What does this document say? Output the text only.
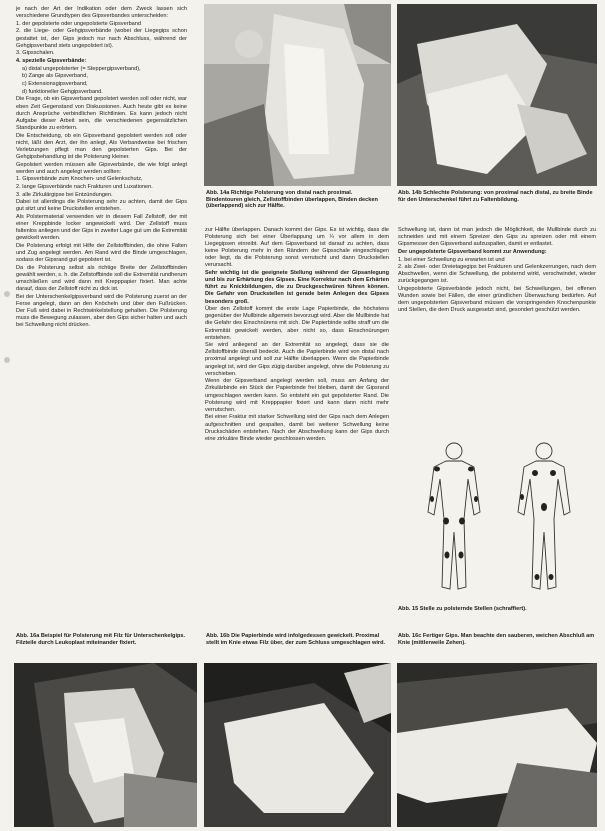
je nach der Art der Indikation oder dem Zweck lassen sich verschiedene Grundtypen des Gipsverbandes unterscheiden:

1. der gepolsterte oder ungepolsterte Gipsverband

2. die Liege- oder Gehgipsverbände (wobei der Liegegips schon gestattet ist, der Gips jedoch nur nach Abschluss, während der Gehgipsverband stets ungepolstert ist).

3. Gipsschalen.

4. spezielle Gipsverbände:

a) distal ungepolsterter (= Steppergipsverband),

b) Zange als Gipsverband,

c) Extensionsgipsverband,

d) funktioneller Gehgipsverband.

Die Frage, ob ein Gipsverband gepolstert werden soll oder nicht, war eben Zeit Gegenstand von Diskussionen. Auch heute gibt es keine durch Ansprüche verbindlichen Richtlinien. Es kann jedoch nicht Aufgabe dieser Arbeit sein, die verschiedenen gegensätzlichen Standpunkte zu erörtern.

Die Entscheidung, ob ein Gipsverband gepolstert werden soll oder nicht, läßt den Arzt, der ihn anlegt, Als Verbandweise bei frischen Verletzungen pflegt man den gepolsterten Gips. Bei der Gehgipsbehandlung ist die Polsterung kleiner.

Gepolstert werden müssen alle Gipsverbände, die wie folgt anlegt werden und auch angelegt werden sollten:

1. Gipsverbände zum Knochen- und Gelenkschutz,

2. lange Gipsverbände nach Frakturen und Luxationen.

3. alle Zirkulärgipse bei Entzündungen.

Dabei ist allerdings die Polsterung sehr zu achten, damit der Gips gut sitzt und keine Druckstellen entstehen.

Als Polstermaterial verwenden wir in diesem Fall Zellstoff, der mit einer Kreppbinde locker angewickelt wird. Der Zellstoff muss faltenlos anliegen und der Gips in zweiter Lage gut um die Extremität gewickelt werden.

Die Polsterung erfolgt mit Hilfe der Zellstoffbinden, die ohne Falten und Zug angelegt werden. Am Rand wird die Binde umgeschlagen, sodass der Gipsrand gut gepolstert ist.

Da die Polsterung selbst als richtige Breite der Zellstoffbinden gewählt werden, s. h. die Zellstoffbinde soll die Extremität rundherum umschließen und wird dann mit Krepppapier fixiert. Man achte darauf, dass der Zellstoff nicht zu dick ist.

Bei der Unterschenkelgipsverband wird die Polsterung zuerst an der Ferse angelegt, dann an den Knöcheln und über den Fußrücken. Der Fuß wird dabei in Rechtwinkelstellung gehalten. Die Polsterung muss die Bewegung zulassen, aber den Gips sicher halten und auch bei Schwellung nicht drücken.

Abb. 14a Richtige Polsterung von distal nach proximal. Bindentouren gleich, Zellstoffbinden überlappen, Binden decken (überlappend) sich zur Hälfte.
Abb. 14b Schlechte Polsterung: von proximal nach distal, zu breite Binde für den Unterschenkel führt zu Faltenbildung.

zur Hälfte überlappen. Danach kommt der Gips. Es ist wichtig, dass die Polsterung sich bei einer Überlappung um ¼ vor allem in dem Liegegipsen einreibt. Auf dem Gipsverband ist darauf zu achten, dass keine Polsterung mehr in den Rändern der Gipsschale eingeschlagen oder liegt, da die Polsterung sonst verrutscht und dann Druckstellen verursacht.

Sehr wichtig ist die geeignete Stellung während der Gipsanlegung und bis zur Erhärtung des Gipses. Eine Korrektur nach dem Erhärten führt zu Knickbildungen, die zu Druckgeschwüren führen können. Die Gefahr von Druckstellen ist gerade beim Anlegen des Gipses besonders groß.

Über den Zellstoff kommt die erste Lage Papierbinde, die höchstens gegenüber der Mullbinde allgemein bevorzugt wird. Aber die Mullbinde hat die Gefahr des Einschnürens mit sich. Die Papierbinde sollte straff um die Extremität gewickelt werden, aber nicht so, dass Einschnürungen entstehen.

Sie wird anliegend an der Extremität so angelegt, dass sie die Zellstoffbinde überall bedeckt. Auch die Papierbinde wird von distal nach proximal angelegt und soll zur Hälfte überlappen. Wenn die Papierbinde angelegt ist, wird der Gips zügig darüber angelegt, ohne die Polsterung zu verschieben.

Wenn der Gipsverband angelegt werden soll, muss am Anfang der Zirkulärbinde ein Stück der Papierbinde frei bleiben, damit der Gipsrand umgeschlagen werden kann. So entsteht ein gut gepolsterter Rand. Die Polsterung wird mit Krepppapier fixiert und kann dann nicht mehr verrutschen.

Bei einer Fraktur mit starker Schwellung wird der Gips nach dem Anlegen aufgeschnitten und gespalten, damit bei weiterer Schwellung keine Druckschäden entstehen. Nach der Abschwellung kann der Gips durch eine zirkuläre Binde wieder geschlossen werden.

Schwellung ist, dann ist man jedoch die Möglichkeit, die Mullbinde durch zu schneiden und mit einem Spreizer den Gips zu spreizen oder mit einem Gipsmesser den Gipsverband aufzuspalten, damit er entlastet.

Der ungepolsterte Gipsverband kommt zur Anwendung:

1. bei einer Schwellung zu erwarten ist und

2. als Zwei- oder Dreietagegips bei Frakturen und Gelenkzerrungen, nach dem Abschwellen, wenn die Schwellung, die polsternd wirkt, verschwindet, wieder zurückgegangen ist.

Ungepolsterte Gipsverbände jedoch nicht, bei Schwellungen, bei offenen Wunden sowie bei Fällen, die einer gründlichen Überwachung bedürfen. Auf dem ungepolsterten Gipsverband müssen die vorspringenden Knochenpunkte und Stellen, die dem Druck ausgesetzt sind, gesondert geschützt werden.

Abb. 15 Stelle zu polsternde Stellen (schraffiert).
Abb. 16a Beispiel für Polsterung mit Filz für Unterschenkelgips. Filzteile durch Leukoplast miteinander fixiert.
Abb. 16b Die Papierbinde wird infolgedessen gewickelt. Proximal stellt im Knie etwas Filz über, der zum Schluss umgeschlagen wird.
Abb. 16c Fertiger Gips. Man beachte den sauberen, weichen Abschluß am Knie (mittlerweile Zehen).
